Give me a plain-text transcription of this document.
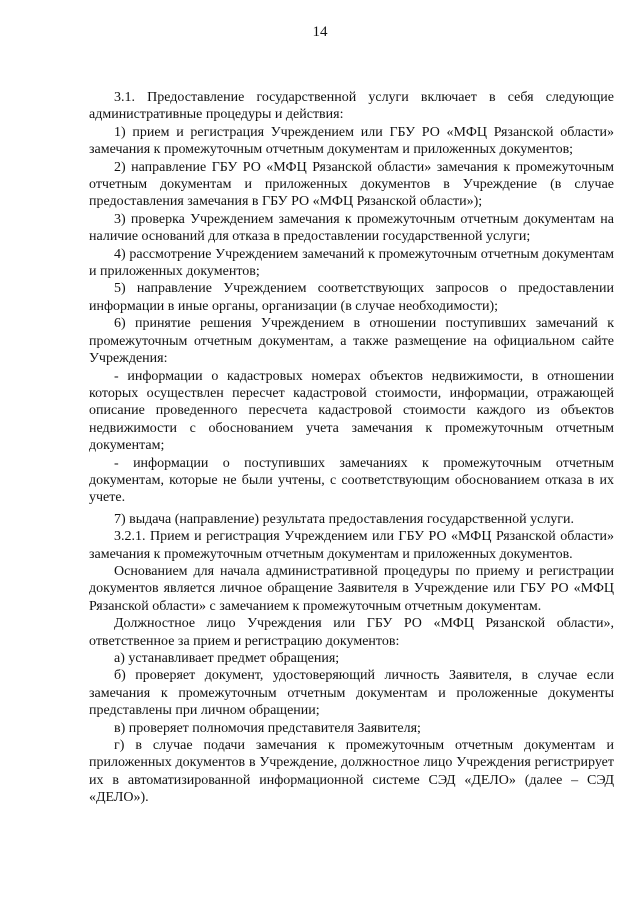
14

3.1. Предоставление государственной услуги включает в себя следующие административные процедуры и действия:

1) прием и регистрация Учреждением или ГБУ РО «МФЦ Рязанской области» замечания к промежуточным отчетным документам и приложенных документов;

2) направление ГБУ РО «МФЦ Рязанской области» замечания к промежуточным отчетным документам и приложенных документов в Учреждение (в случае предоставления замечания в ГБУ РО «МФЦ Рязанской области»);

3) проверка Учреждением замечания к промежуточным отчетным документам на наличие оснований для отказа в предоставлении государственной услуги;

4) рассмотрение Учреждением замечаний к промежуточным отчетным документам и приложенных документов;

5) направление Учреждением соответствующих запросов о предоставлении информации в иные органы, организации (в случае необходимости);

6) принятие решения Учреждением в отношении поступивших замечаний к промежуточным отчетным документам, а также размещение на официальном сайте Учреждения:

- информации о кадастровых номерах объектов недвижимости, в отношении которых осуществлен пересчет кадастровой стоимости, информации, отражающей описание проведенного пересчета кадастровой стоимости каждого из объектов недвижимости с обоснованием учета замечания к промежуточным отчетным документам;

- информации о поступивших замечаниях к промежуточным отчетным документам, которые не были учтены, с соответствующим обоснованием отказа в их учете.

7) выдача (направление) результата предоставления государственной услуги.

3.2.1. Прием и регистрация Учреждением или ГБУ РО «МФЦ Рязанской области» замечания к промежуточным отчетным документам и приложенных документов.

Основанием для начала административной процедуры по приему и регистрации документов является личное обращение Заявителя в Учреждение или ГБУ РО «МФЦ Рязанской области» с замечанием к промежуточным отчетным документам.

Должностное лицо Учреждения или ГБУ РО «МФЦ Рязанской области», ответственное за прием и регистрацию документов:

а) устанавливает предмет обращения;

б) проверяет документ, удостоверяющий личность Заявителя, в случае если замечания к промежуточным отчетным документам и проложенные документы представлены при личном обращении;

в) проверяет полномочия представителя Заявителя;

г) в случае подачи замечания к промежуточным отчетным документам и приложенных документов в Учреждение, должностное лицо Учреждения регистрирует их в автоматизированной информационной системе СЭД «ДЕЛО» (далее – СЭД «ДЕЛО»).
